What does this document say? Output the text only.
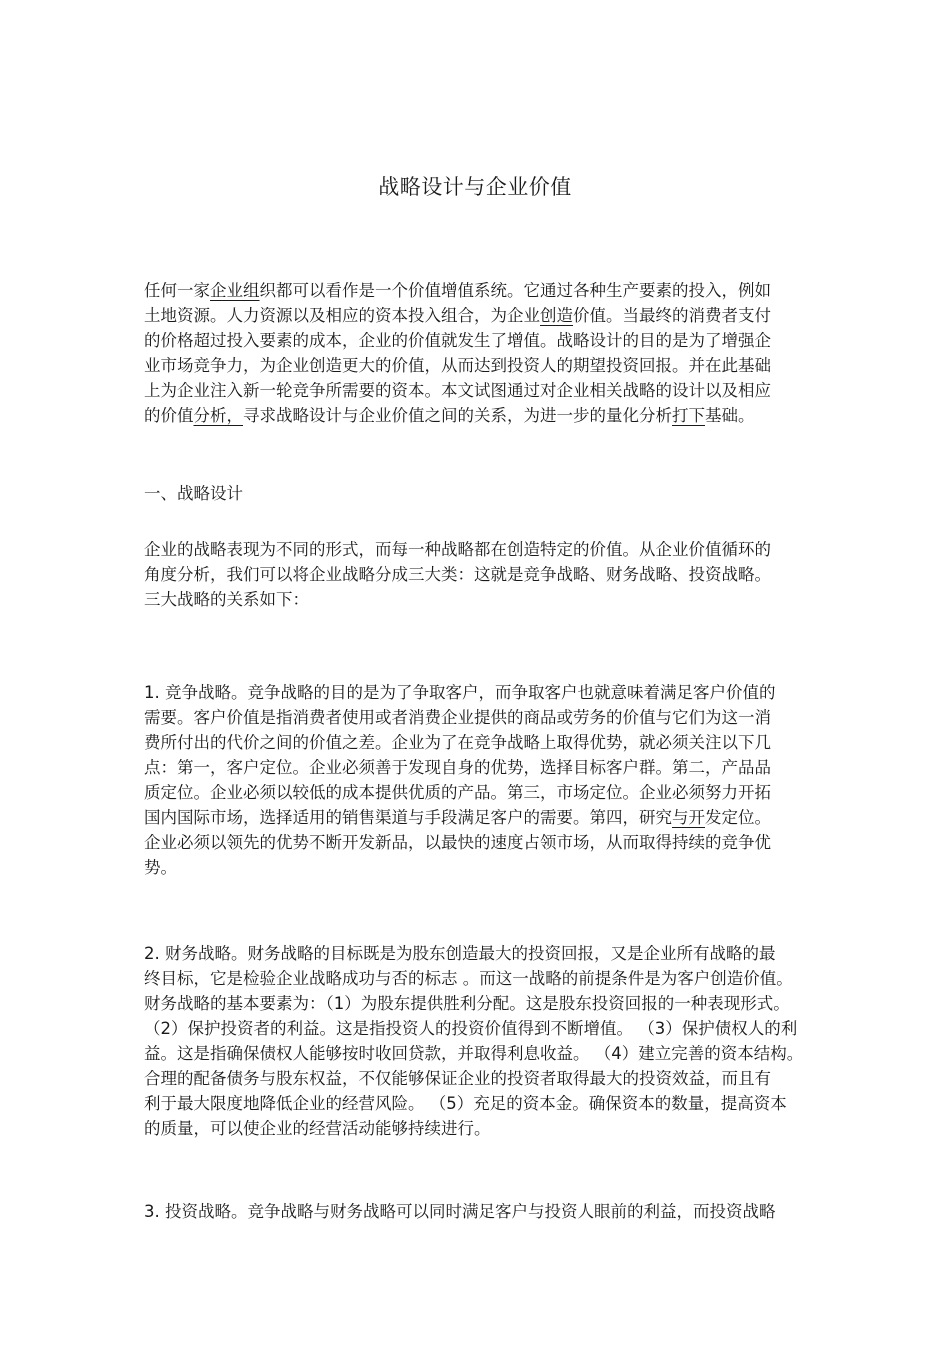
战略设计与企业价值

任何一家企业组织都可以看作是一个价值增值系统。它通过各种生产要素的投入，例如
土地资源。人力资源以及相应的资本投入组合，为企业创造价值。当最终的消费者支付
的价格超过投入要素的成本，企业的价值就发生了增值。战略设计的目的是为了增强企
业市场竞争力，为企业创造更大的价值，从而达到投资人的期望投资回报。并在此基础
上为企业注入新一轮竞争所需要的资本。本文试图通过对企业相关战略的设计以及相应
的价值分析，寻求战略设计与企业价值之间的关系，为进一步的量化分析打下基础。

一、战略设计

企业的战略表现为不同的形式，而每一种战略都在创造特定的价值。从企业价值循环的
角度分析，我们可以将企业战略分成三大类：这就是竞争战略、财务战略、投资战略。
三大战略的关系如下：

1. 竞争战略。竞争战略的目的是为了争取客户，而争取客户也就意味着满足客户价值的
需要。客户价值是指消费者使用或者消费企业提供的商品或劳务的价值与它们为这一消
费所付出的代价之间的价值之差。企业为了在竞争战略上取得优势，就必须关注以下几
点：第一，客户定位。企业必须善于发现自身的优势，选择目标客户群。第二，产品品
质定位。企业必须以较低的成本提供优质的产品。第三，市场定位。企业必须努力开拓
国内国际市场，选择适用的销售渠道与手段满足客户的需要。第四，研究与开发定位。
企业必须以领先的优势不断开发新品，以最快的速度占领市场，从而取得持续的竞争优
势。

2. 财务战略。财务战略的目标既是为股东创造最大的投资回报，又是企业所有战略的最
终目标，它是检验企业战略成功与否的标志 。而这一战略的前提条件是为客户创造价值。
财务战略的基本要素为：（1）为股东提供胜利分配。这是股东投资回报的一种表现形式。
（2）保护投资者的利益。这是指投资人的投资价值得到不断增值。 （3）保护债权人的利
益。这是指确保债权人能够按时收回贷款，并取得利息收益。 （4）建立完善的资本结构。
合理的配备债务与股东权益，不仅能够保证企业的投资者取得最大的投资效益，而且有
利于最大限度地降低企业的经营风险。 （5）充足的资本金。确保资本的数量，提高资本
的质量，可以使企业的经营活动能够持续进行。

3. 投资战略。竞争战略与财务战略可以同时满足客户与投资人眼前的利益，而投资战略
